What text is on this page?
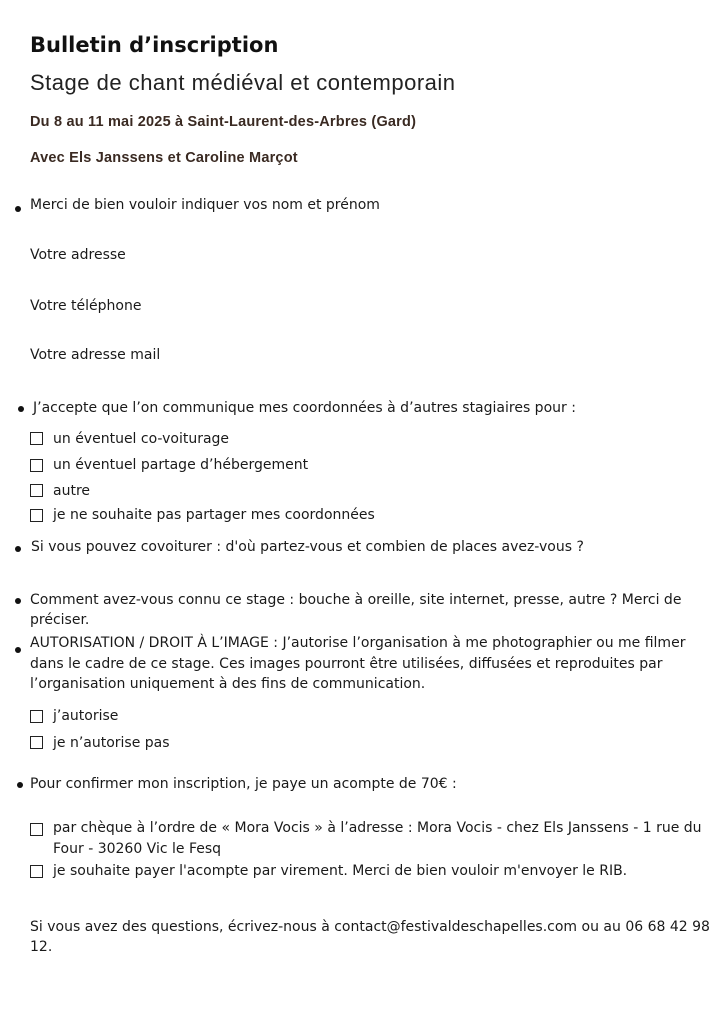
Bulletin d’inscription
Stage de chant médiéval et contemporain
Du 8 au 11 mai 2025 à Saint-Laurent-des-Arbres (Gard)
Avec Els Janssens et Caroline Marçot
Merci de bien vouloir indiquer vos nom et prénom
Votre adresse
Votre téléphone
Votre adresse mail
J’accepte que l’on communique mes coordonnées à d’autres stagiaires pour :
un éventuel co-voiturage
un éventuel partage d’hébergement
autre
je ne souhaite pas partager mes coordonnées
Si vous pouvez covoiturer : d'où partez-vous et combien de places avez-vous ?
Comment avez-vous connu ce stage : bouche à oreille, site internet, presse, autre ? Merci de préciser.
AUTORISATION / DROIT À L’IMAGE : J’autorise l’organisation à me photographier ou me filmer dans le cadre de ce stage. Ces images pourront être utilisées, diffusées et reproduites par l’organisation uniquement à des fins de communication.
j’autorise
je n’autorise pas
Pour confirmer mon inscription, je paye un acompte de 70€ :
par chèque à l’ordre de « Mora Vocis » à l’adresse : Mora Vocis - chez Els Janssens - 1 rue du Four - 30260 Vic le Fesq
je souhaite payer l'acompte par virement. Merci de bien vouloir m'envoyer le RIB.
Si vous avez des questions, écrivez-nous à contact@festivaldeschapelles.com ou au 06 68 42 98 12.
